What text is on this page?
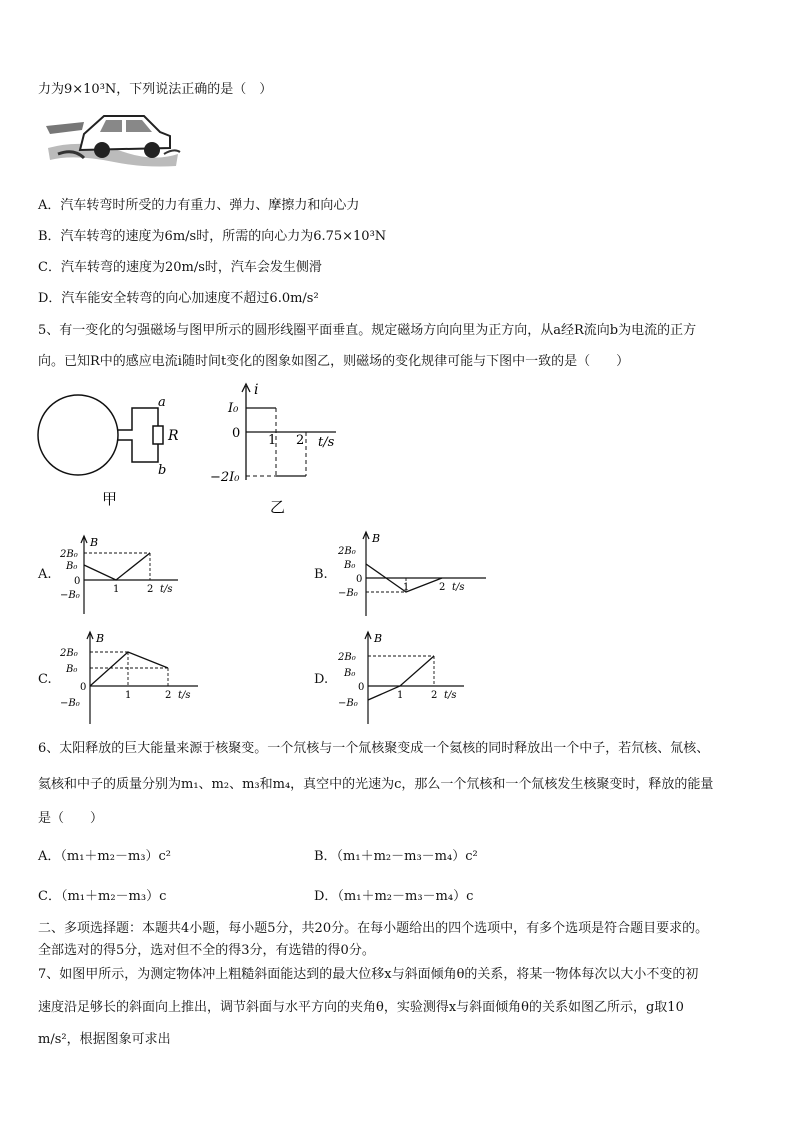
力为9×10³N，下列说法正确的是（　）
A．汽车转弯时所受的力有重力、弹力、摩擦力和向心力
B．汽车转弯的速度为6m/s时，所需的向心力为6.75×10³N
C．汽车转弯的速度为20m/s时，汽车会发生侧滑
D．汽车能安全转弯的向心加速度不超过6.0m/s²
5、有一变化的匀强磁场与图甲所示的圆形线圈平面垂直。规定磁场方向向里为正方向，从a经R流向b为电流的正方
向。已知R中的感应电流i随时间t变化的图象如图乙，则磁场的变化规律可能与下图中一致的是（　　）
a
R
b
甲
i
I₀
0
−2I₀
1 2 t/s
乙
A.
B
2B₀
B₀
0
−B₀
1	2 t/s
B.
B
2B₀
B₀
0
−B₀
1	2 t/s
C.
B
2B₀
B₀
0
−B₀
1	2 t/s
D.
B
2B₀
B₀
0
−B₀
1	2 t/s
6、太阳释放的巨大能量来源于核聚变。一个氘核与一个氚核聚变成一个氦核的同时释放出一个中子，若氘核、氚核、
氦核和中子的质量分别为m₁、m₂、m₃和m₄，真空中的光速为c，那么一个氘核和一个氚核发生核聚变时，释放的能量
是（　　）
A．（m₁＋m₂－m₃）c²	B．（m₁＋m₂－m₃－m₄）c²
C．（m₁＋m₂－m₃）c	D．（m₁＋m₂－m₃－m₄）c
二、多项选择题：本题共4小题，每小题5分，共20分。在每小题给出的四个选项中，有多个选项是符合题目要求的。
全部选对的得5分，选对但不全的得3分，有选错的得0分。
7、如图甲所示，为测定物体冲上粗糙斜面能达到的最大位移x与斜面倾角θ的关系，将某一物体每次以大小不变的初
速度沿足够长的斜面向上推出，调节斜面与水平方向的夹角θ，实验测得x与斜面倾角θ的关系如图乙所示，g取10
m/s²，根据图象可求出
